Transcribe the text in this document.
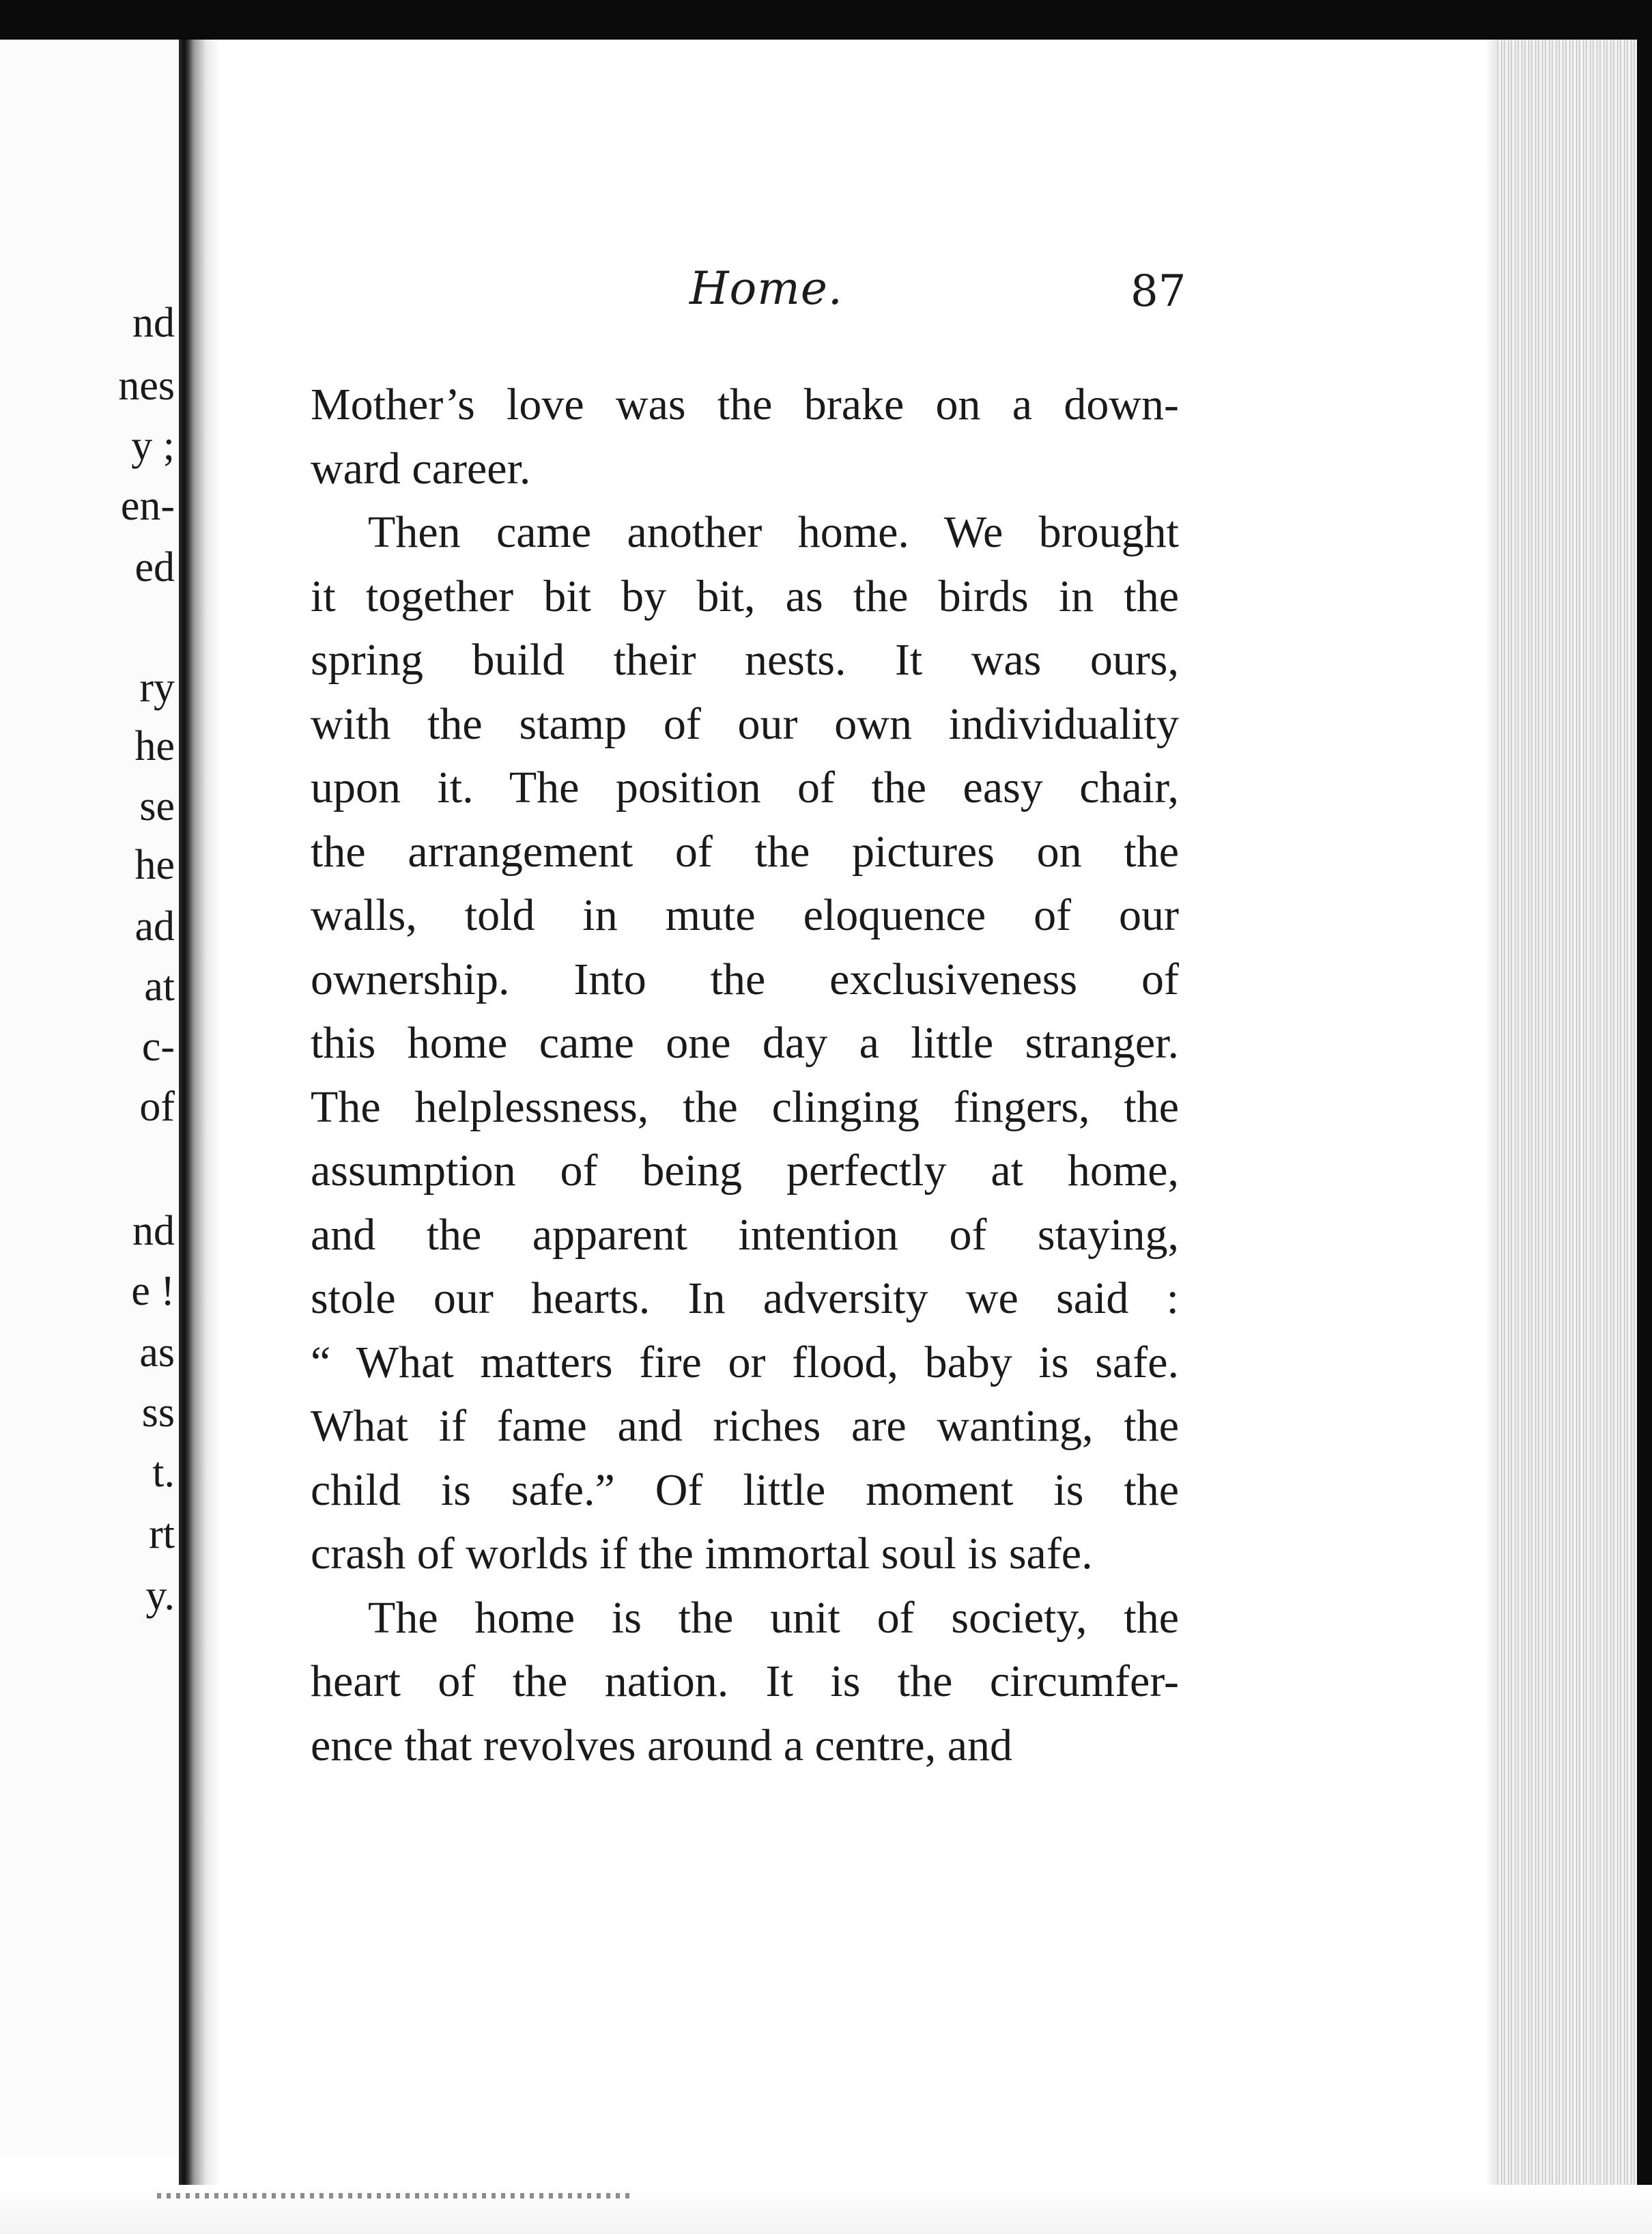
nd
nes
y ;
en-
ed
ry
he
se
he
ad
at
c-
of
nd
e !
as
ss
t.
rt
y.
Home.	87
Mother’s love was the brake on a down-
ward career.
Then came another home. We brought
it together bit by bit, as the birds in the
spring build their nests. It was ours,
with the stamp of our own individuality
upon it. The position of the easy chair,
the arrangement of the pictures on the
walls, told in mute eloquence of our
ownership. Into the exclusiveness of
this home came one day a little stranger.
The helplessness, the clinging fingers, the
assumption of being perfectly at home,
and the apparent intention of staying,
stole our hearts. In adversity we said :
“ What matters fire or flood, baby is safe.
What if fame and riches are wanting, the
child is safe.” Of little moment is the
crash of worlds if the immortal soul is safe.
The home is the unit of society, the
heart of the nation. It is the circumfer-
ence that revolves around a centre, and
